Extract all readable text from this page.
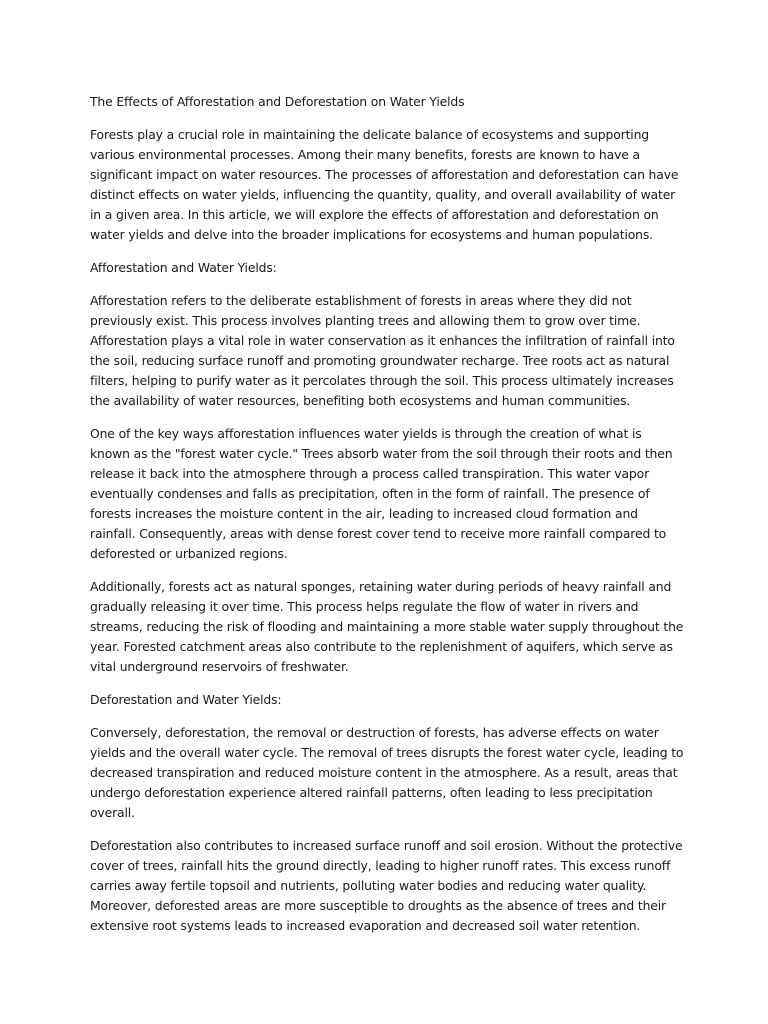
The Effects of Afforestation and Deforestation on Water Yields

Forests play a crucial role in maintaining the delicate balance of ecosystems and supporting various environmental processes. Among their many benefits, forests are known to have a significant impact on water resources. The processes of afforestation and deforestation can have distinct effects on water yields, influencing the quantity, quality, and overall availability of water in a given area. In this article, we will explore the effects of afforestation and deforestation on water yields and delve into the broader implications for ecosystems and human populations.

Afforestation and Water Yields:

Afforestation refers to the deliberate establishment of forests in areas where they did not previously exist. This process involves planting trees and allowing them to grow over time. Afforestation plays a vital role in water conservation as it enhances the infiltration of rainfall into the soil, reducing surface runoff and promoting groundwater recharge. Tree roots act as natural filters, helping to purify water as it percolates through the soil. This process ultimately increases the availability of water resources, benefiting both ecosystems and human communities.

One of the key ways afforestation influences water yields is through the creation of what is known as the "forest water cycle." Trees absorb water from the soil through their roots and then release it back into the atmosphere through a process called transpiration. This water vapor eventually condenses and falls as precipitation, often in the form of rainfall. The presence of forests increases the moisture content in the air, leading to increased cloud formation and rainfall. Consequently, areas with dense forest cover tend to receive more rainfall compared to deforested or urbanized regions.

Additionally, forests act as natural sponges, retaining water during periods of heavy rainfall and gradually releasing it over time. This process helps regulate the flow of water in rivers and streams, reducing the risk of flooding and maintaining a more stable water supply throughout the year. Forested catchment areas also contribute to the replenishment of aquifers, which serve as vital underground reservoirs of freshwater.

Deforestation and Water Yields:

Conversely, deforestation, the removal or destruction of forests, has adverse effects on water yields and the overall water cycle. The removal of trees disrupts the forest water cycle, leading to decreased transpiration and reduced moisture content in the atmosphere. As a result, areas that undergo deforestation experience altered rainfall patterns, often leading to less precipitation overall.

Deforestation also contributes to increased surface runoff and soil erosion. Without the protective cover of trees, rainfall hits the ground directly, leading to higher runoff rates. This excess runoff carries away fertile topsoil and nutrients, polluting water bodies and reducing water quality. Moreover, deforested areas are more susceptible to droughts as the absence of trees and their extensive root systems leads to increased evaporation and decreased soil water retention.
